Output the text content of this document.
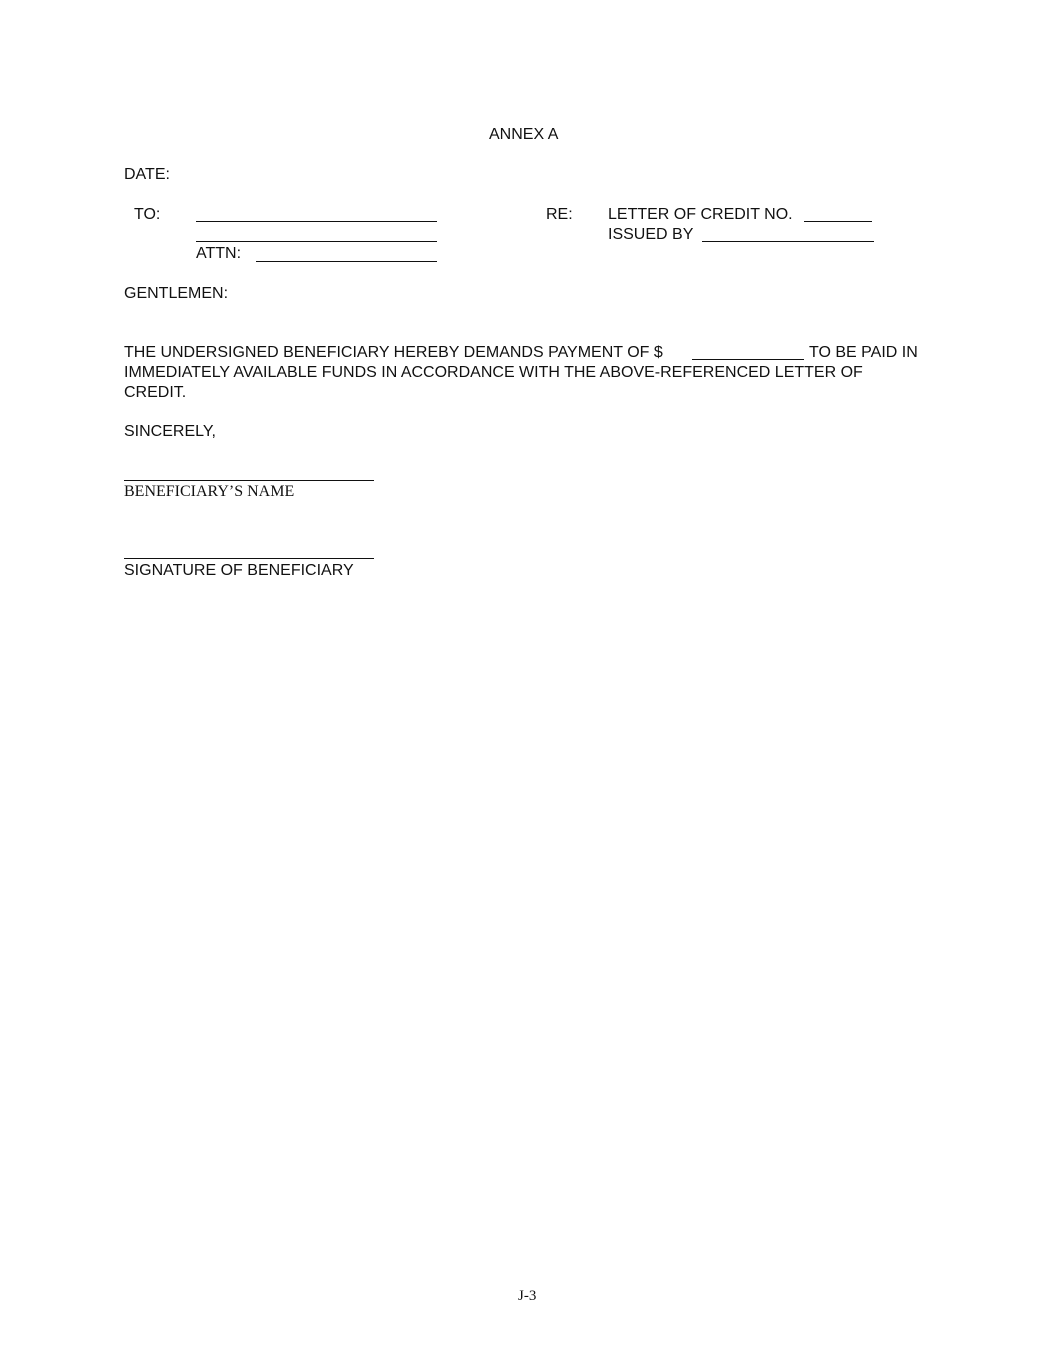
ANNEX A
DATE:
TO:
ATTN:
RE: LETTER OF CREDIT NO.
ISSUED BY
GENTLEMEN:
THE UNDERSIGNED BENEFICIARY HEREBY DEMANDS PAYMENT OF $	TO BE PAID IN
IMMEDIATELY AVAILABLE FUNDS IN ACCORDANCE WITH THE ABOVE-REFERENCED LETTER OF
CREDIT.
SINCERELY,
BENEFICIARY’S NAME
SIGNATURE OF BENEFICIARY
J-3
